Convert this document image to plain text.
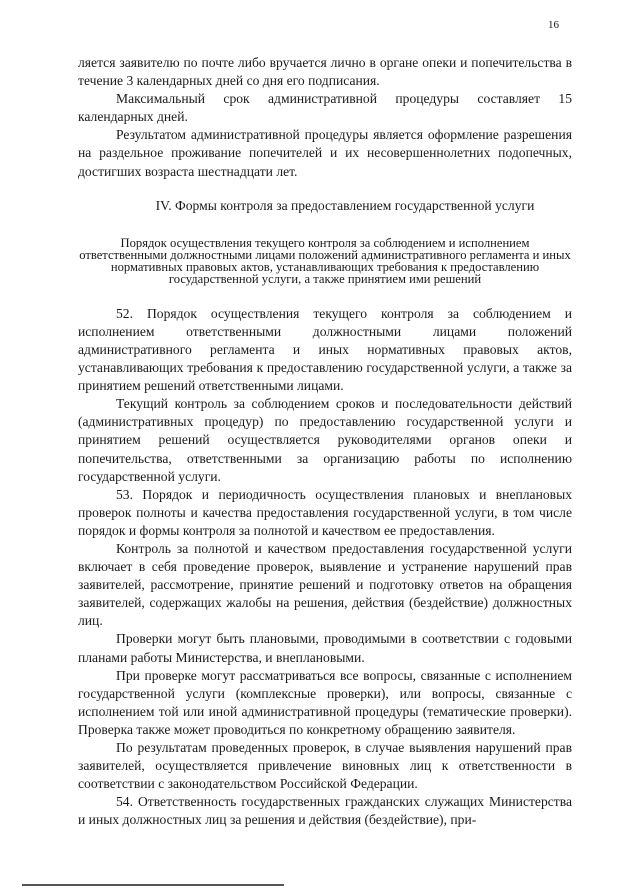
16

ляется заявителю по почте либо вручается лично в органе опеки и попечительства в течение 3 календарных дней со дня его подписания.

Максимальный срок административной процедуры составляет 15 календарных дней.

Результатом административной процедуры является оформление разрешения на раздельное проживание попечителей и их несовершеннолетних подопечных, достигших возраста шестнадцати лет.

IV. Формы контроля за предоставлением государственной услуги

Порядок осуществления текущего контроля за соблюдением и исполнением ответственными должностными лицами положений административного регламента и иных нормативных правовых актов, устанавливающих требования к предоставлению государственной услуги, а также принятием ими решений

52. Порядок осуществления текущего контроля за соблюдением и исполнением ответственными должностными лицами положений административного регламента и иных нормативных правовых актов, устанавливающих требования к предоставлению государственной услуги, а также за принятием решений ответственными лицами.

Текущий контроль за соблюдением сроков и последовательности действий (административных процедур) по предоставлению государственной услуги и принятием решений осуществляется руководителями органов опеки и попечительства, ответственными за организацию работы по исполнению государственной услуги.

53. Порядок и периодичность осуществления плановых и внеплановых проверок полноты и качества предоставления государственной услуги, в том числе порядок и формы контроля за полнотой и качеством ее предоставления.

Контроль за полнотой и качеством предоставления государственной услуги включает в себя проведение проверок, выявление и устранение нарушений прав заявителей, рассмотрение, принятие решений и подготовку ответов на обращения заявителей, содержащих жалобы на решения, действия (бездействие) должностных лиц.

Проверки могут быть плановыми, проводимыми в соответствии с годовыми планами работы Министерства, и внеплановыми.

При проверке могут рассматриваться все вопросы, связанные с исполнением государственной услуги (комплексные проверки), или вопросы, связанные с исполнением той или иной административной процедуры (тематические проверки). Проверка также может проводиться по конкретному обращению заявителя.

По результатам проведенных проверок, в случае выявления нарушений прав заявителей, осуществляется привлечение виновных лиц к ответственности в соответствии с законодательством Российской Федерации.

54. Ответственность государственных гражданских служащих Министерства и иных должностных лиц за решения и действия (бездействие), при-
